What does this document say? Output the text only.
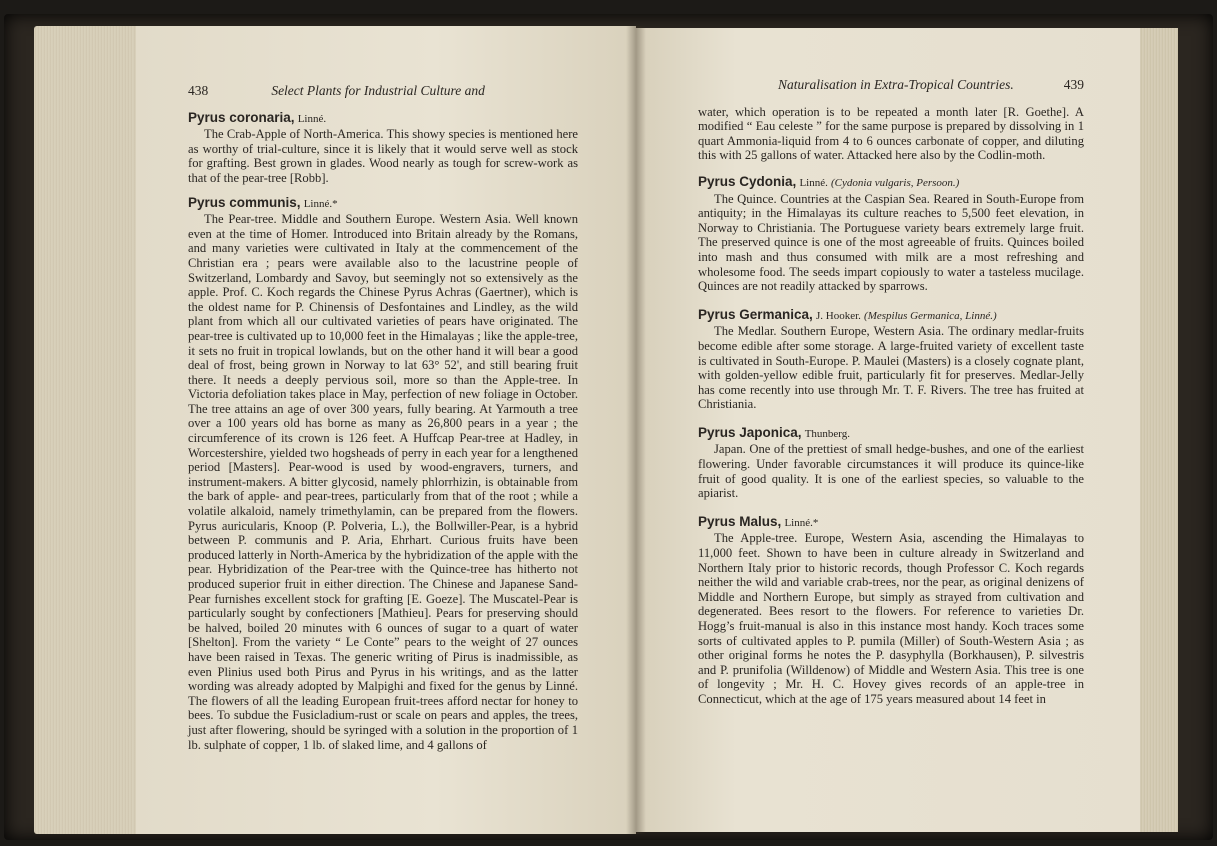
438	Select Plants for Industrial Culture and
Pyrus coronaria, Linné.

The Crab-Apple of North-America. This showy species is mentioned here as worthy of trial-culture, since it is likely that it would serve well as stock for grafting. Best grown in glades. Wood nearly as tough for screw-work as that of the pear-tree [Robb].

Pyrus communis, Linné.*

The Pear-tree. Middle and Southern Europe. Western Asia. Well known even at the time of Homer. Introduced into Britain already by the Romans, and many varieties were cultivated in Italy at the commencement of the Christian era ; pears were available also to the lacustrine people of Switzerland, Lombardy and Savoy, but seemingly not so extensively as the apple. Prof. C. Koch regards the Chinese Pyrus Achras (Gaertner), which is the oldest name for P. Chinensis of Desfontaines and Lindley, as the wild plant from which all our cultivated varieties of pears have originated. The pear-tree is cultivated up to 10,000 feet in the Himalayas ; like the apple-tree, it sets no fruit in tropical lowlands, but on the other hand it will bear a good deal of frost, being grown in Norway to lat 63° 52', and still bearing fruit there. It needs a deeply pervious soil, more so than the Apple-tree. In Victoria defoliation takes place in May, perfection of new foliage in October. The tree attains an age of over 300 years, fully bearing. At Yarmouth a tree over a 100 years old has borne as many as 26,800 pears in a year ; the circumference of its crown is 126 feet. A Huffcap Pear-tree at Hadley, in Worcestershire, yielded two hogsheads of perry in each year for a lengthened period [Masters]. Pear-wood is used by wood-engravers, turners, and instrument-makers. A bitter glycosid, namely phlorrhizin, is obtainable from the bark of apple- and pear-trees, particularly from that of the root ; while a volatile alkaloid, namely trimethylamin, can be prepared from the flowers. Pyrus auricularis, Knoop (P. Polveria, L.), the Bollwiller-Pear, is a hybrid between P. communis and P. Aria, Ehrhart. Curious fruits have been produced latterly in North-America by the hybridization of the apple with the pear. Hybridization of the Pear-tree with the Quince-tree has hitherto not produced superior fruit in either direction. The Chinese and Japanese Sand-Pear furnishes excellent stock for grafting [E. Goeze]. The Muscatel-Pear is particularly sought by confectioners [Mathieu]. Pears for preserving should be halved, boiled 20 minutes with 6 ounces of sugar to a quart of water [Shelton]. From the variety “ Le Conte” pears to the weight of 27 ounces have been raised in Texas. The generic writing of Pirus is inadmissible, as even Plinius used both Pirus and Pyrus in his writings, and as the latter wording was already adopted by Malpighi and fixed for the genus by Linné. The flowers of all the leading European fruit-trees afford nectar for honey to bees. To subdue the Fusicladium-rust or scale on pears and apples, the trees, just after flowering, should be syringed with a solution in the proportion of 1 lb. sulphate of copper, 1 lb. of slaked lime, and 4 gallons of

Naturalisation in Extra-Tropical Countries.	439

water, which operation is to be repeated a month later [R. Goethe]. A modified “ Eau celeste ” for the same purpose is prepared by dissolving in 1 quart Ammonia-liquid from 4 to 6 ounces carbonate of copper, and diluting this with 25 gallons of water. Attacked here also by the Codlin-moth.

Pyrus Cydonia, Linné. (Cydonia vulgaris, Persoon.)

The Quince. Countries at the Caspian Sea. Reared in South-Europe from antiquity; in the Himalayas its culture reaches to 5,500 feet elevation, in Norway to Christiania. The Portuguese variety bears extremely large fruit. The preserved quince is one of the most agreeable of fruits. Quinces boiled into mash and thus consumed with milk are a most refreshing and wholesome food. The seeds impart copiously to water a tasteless mucilage. Quinces are not readily attacked by sparrows.

Pyrus Germanica, J. Hooker. (Mespilus Germanica, Linné.)

The Medlar. Southern Europe, Western Asia. The ordinary medlar-fruits become edible after some storage. A large-fruited variety of excellent taste is cultivated in South-Europe. P. Maulei (Masters) is a closely cognate plant, with golden-yellow edible fruit, particularly fit for preserves. Medlar-Jelly has come recently into use through Mr. T. F. Rivers. The tree has fruited at Christiania.

Pyrus Japonica, Thunberg.

Japan. One of the prettiest of small hedge-bushes, and one of the earliest flowering. Under favorable circumstances it will produce its quince-like fruit of good quality. It is one of the earliest species, so valuable to the apiarist.

Pyrus Malus, Linné.*

The Apple-tree. Europe, Western Asia, ascending the Himalayas to 11,000 feet. Shown to have been in culture already in Switzerland and Northern Italy prior to historic records, though Professor C. Koch regards neither the wild and variable crab-trees, nor the pear, as original denizens of Middle and Northern Europe, but simply as strayed from cultivation and degenerated. Bees resort to the flowers. For reference to varieties Dr. Hogg’s fruit-manual is also in this instance most handy. Koch traces some sorts of cultivated apples to P. pumila (Miller) of South-Western Asia ; as other original forms he notes the P. dasyphylla (Borkhausen), P. silvestris and P. prunifolia (Willdenow) of Middle and Western Asia. This tree is one of longevity ; Mr. H. C. Hovey gives records of an apple-tree in Connecticut, which at the age of 175 years measured about 14 feet in
